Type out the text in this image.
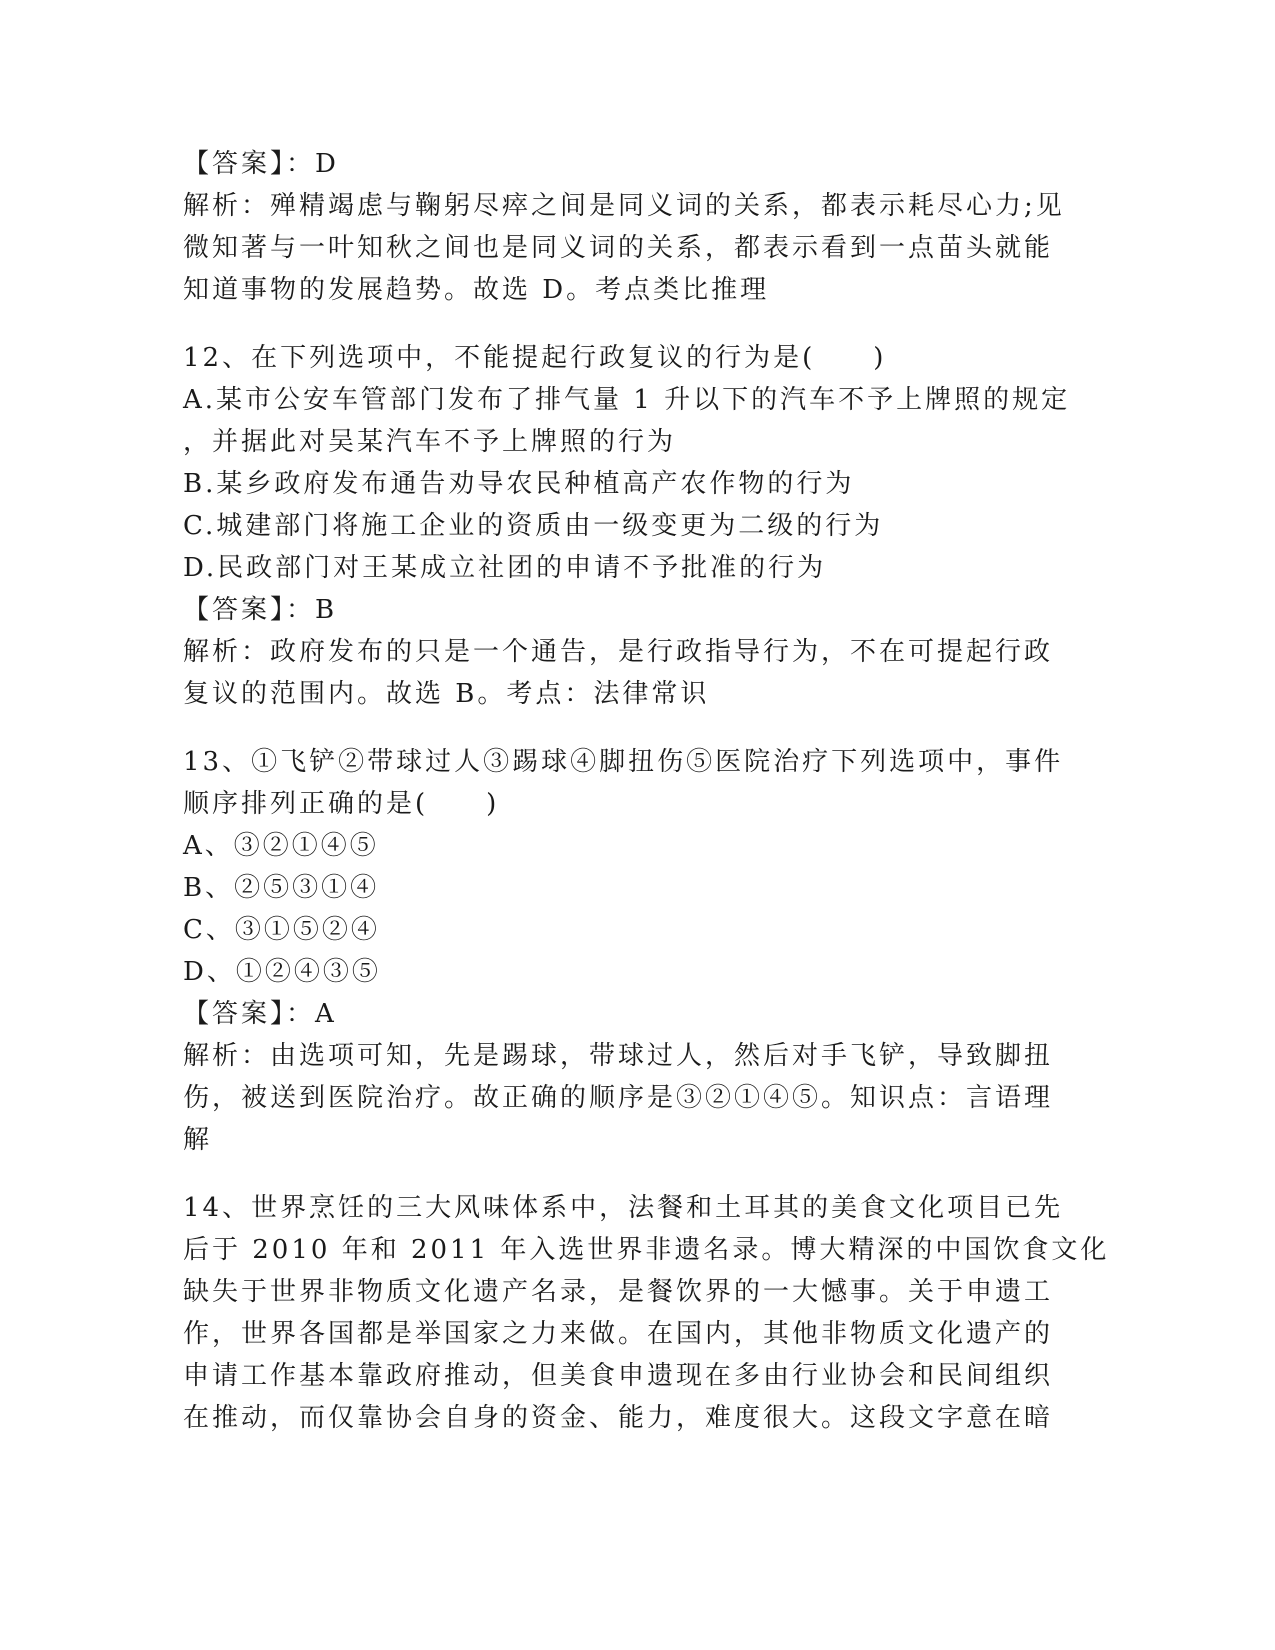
【答案】：D
解析：殚精竭虑与鞠躬尽瘁之间是同义词的关系，都表示耗尽心力;见
微知著与一叶知秋之间也是同义词的关系，都表示看到一点苗头就能
知道事物的发展趋势。故选 D。考点类比推理
12、在下列选项中，不能提起行政复议的行为是(　　)
A.某市公安车管部门发布了排气量 1 升以下的汽车不予上牌照的规定
，并据此对吴某汽车不予上牌照的行为
B.某乡政府发布通告劝导农民种植高产农作物的行为
C.城建部门将施工企业的资质由一级变更为二级的行为
D.民政部门对王某成立社团的申请不予批准的行为
【答案】：B
解析：政府发布的只是一个通告，是行政指导行为，不在可提起行政
复议的范围内。故选 B。考点：法律常识
13、①飞铲②带球过人③踢球④脚扭伤⑤医院治疗下列选项中，事件
顺序排列正确的是(　　)
A、③②①④⑤
B、②⑤③①④
C、③①⑤②④
D、①②④③⑤
【答案】：A
解析：由选项可知，先是踢球，带球过人，然后对手飞铲，导致脚扭
伤，被送到医院治疗。故正确的顺序是③②①④⑤。知识点：言语理
解
14、世界烹饪的三大风味体系中，法餐和土耳其的美食文化项目已先
后于 2010 年和 2011 年入选世界非遗名录。博大精深的中国饮食文化
缺失于世界非物质文化遗产名录，是餐饮界的一大憾事。关于申遗工
作，世界各国都是举国家之力来做。在国内，其他非物质文化遗产的
申请工作基本靠政府推动，但美食申遗现在多由行业协会和民间组织
在推动，而仅靠协会自身的资金、能力，难度很大。这段文字意在暗
